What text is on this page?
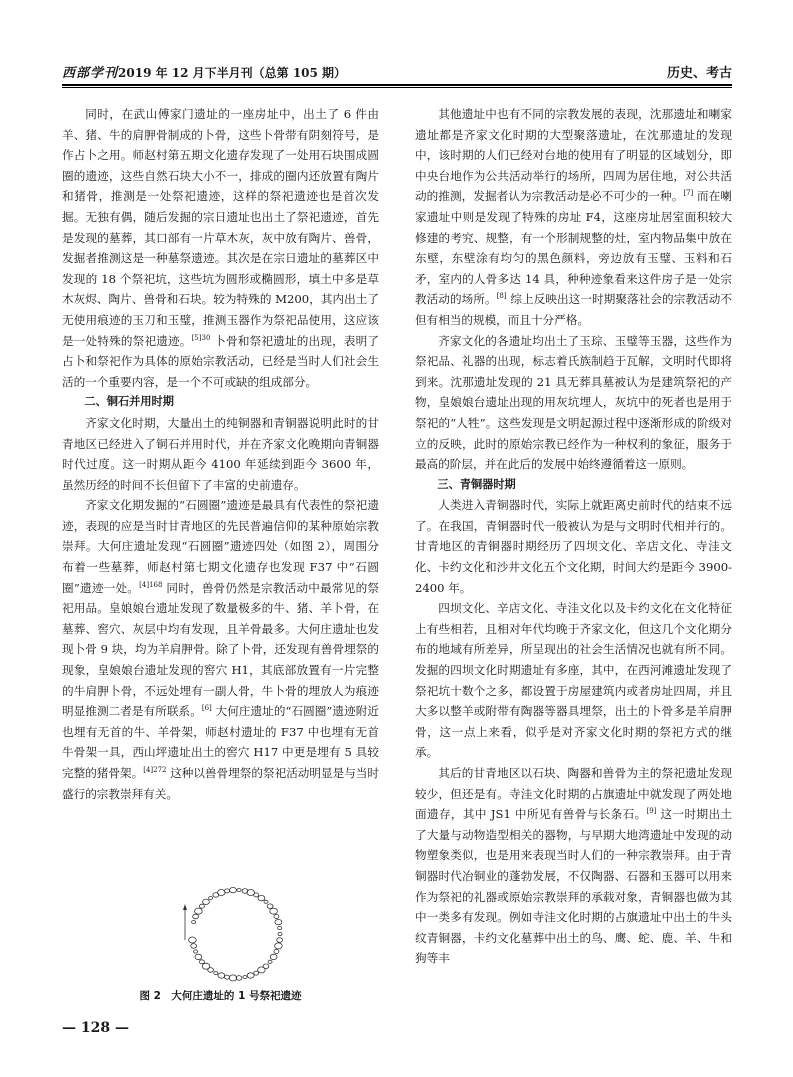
西部学刊2019 年 12 月下半月刊（总第 105 期）	历史、考古

同时，在武山傅家门遗址的一座房址中，出土了 6 件由羊、猪、牛的肩胛骨制成的卜骨，这些卜骨带有阴刻符号，是作占卜之用。师赵村第五期文化遗存发现了一处用石块围成圆圈的遗迹，这些自然石块大小不一，排成的圈内还放置有陶片和猪骨，推测是一处祭祀遗迹，这样的祭祀遗迹也是首次发掘。无独有偶，随后发掘的宗日遗址也出土了祭祀遗迹，首先是发现的墓葬，其口部有一片草木灰，灰中放有陶片、兽骨，发掘者推测这是一种墓祭遗迹。其次是在宗日遗址的墓葬区中发现的 18 个祭祀坑，这些坑为圆形或椭圆形，填土中多是草木灰烬、陶片、兽骨和石块。较为特殊的 M200，其内出土了无使用痕迹的玉刀和玉璧，推测玉器作为祭祀品使用，这应该是一处特殊的祭祀遗迹。$^{[5]30}$ 卜骨和祭祀遗址的出现，表明了占卜和祭祀作为具体的原始宗教活动，已经是当时人们社会生活的一个重要内容，是一个不可或缺的组成部分。

二、铜石并用时期

齐家文化时期，大量出土的纯铜器和青铜器说明此时的甘青地区已经进入了铜石并用时代，并在齐家文化晚期向青铜器时代过度。这一时期从距今 4100 年延续到距今 3600 年，虽然历经的时间不长但留下了丰富的史前遗存。

齐家文化期发掘的“石圆圈”遗迹是最具有代表性的祭祀遗迹，表现的应是当时甘青地区的先民普遍信仰的某种原始宗教崇拜。大何庄遗址发现“石圆圈”遗迹四处（如图 2），周围分布着一些墓葬，师赵村第七期文化遗存也发现 F37 中“石圆圈”遗迹一处。$^{[4]168}$ 同时，兽骨仍然是宗教活动中最常见的祭祀用品。皇娘娘台遗址发现了数量极多的牛、猪、羊卜骨，在墓葬、窖穴、灰层中均有发现，且羊骨最多。大何庄遗址也发现卜骨 9 块，均为羊肩胛骨。除了卜骨，还发现有兽骨埋祭的现象，皇娘娘台遗址发现的窖穴 H1，其底部放置有一片完整的牛肩胛卜骨，不远处埋有一副人骨，牛卜骨的埋放人为痕迹明显推测二者是有所联系。[6] 大何庄遗址的“石圆圈”遗迹附近也埋有无首的牛、羊骨架，师赵村遗址的 F37 中也埋有无首牛骨架一具，西山坪遗址出土的窖穴 H17 中更是埋有 5 具较完整的猪骨架。$^{[4]272}$ 这种以兽骨埋祭的祭祀活动明显是与当时盛行的宗教崇拜有关。

图 2　大何庄遗址的 1 号祭祀遗迹

其他遗址中也有不同的宗教发展的表现，沈那遗址和喇家遗址都是齐家文化时期的大型聚落遗址，在沈那遗址的发现中，该时期的人们已经对台地的使用有了明显的区域划分，即中央台地作为公共活动举行的场所，四周为居住地，对公共活动的推测，发掘者认为宗教活动是必不可少的一种。[7] 而在喇家遗址中则是发现了特殊的房址 F4，这座房址居室面积较大修建的考究、规整，有一个形制规整的灶，室内物品集中放在东壁，东壁涂有均匀的黑色颜料，旁边放有玉璧、玉料和石矛，室内的人骨多达 14 具，种种迹象看来这件房子是一处宗教活动的场所。[8] 综上反映出这一时期聚落社会的宗教活动不但有相当的规模，而且十分严格。

齐家文化的各遗址均出土了玉琮、玉璧等玉器，这些作为祭祀品、礼器的出现，标志着氏族制趋于瓦解，文明时代即将到来。沈那遗址发现的 21 具无葬具墓被认为是建筑祭祀的产物，皇娘娘台遗址出现的用灰坑埋人，灰坑中的死者也是用于祭祀的“人牲”。这些发现是文明起源过程中逐渐形成的阶级对立的反映，此时的原始宗教已经作为一种权利的象征，服务于最高的阶层，并在此后的发展中始终遵循着这一原则。

三、青铜器时期

人类进入青铜器时代，实际上就距离史前时代的结束不远了。在我国，青铜器时代一般被认为是与文明时代相并行的。甘青地区的青铜器时期经历了四坝文化、辛店文化、寺洼文化、卡约文化和沙井文化五个文化期，时间大约是距今 3900-2400 年。

四坝文化、辛店文化、寺洼文化以及卡约文化在文化特征上有些相若，且相对年代均晚于齐家文化，但这几个文化期分布的地域有所差异，所呈现出的社会生活情况也就有所不同。发掘的四坝文化时期遗址有多座，其中，在西河滩遗址发现了祭祀坑十数个之多，都设置于房屋建筑内或者房址四周，并且大多以整羊或附带有陶器等器具埋祭，出土的卜骨多是羊肩胛骨，这一点上来看，似乎是对齐家文化时期的祭祀方式的继承。

其后的甘青地区以石块、陶器和兽骨为主的祭祀遗址发现较少，但还是有。寺洼文化时期的占旗遗址中就发现了两处地面遗存，其中 JS1 中所见有兽骨与长条石。[9] 这一时期出土了大量与动物造型相关的器物，与早期大地湾遗址中发现的动物塑象类似，也是用来表现当时人们的一种宗教崇拜。由于青铜器时代冶铜业的蓬勃发展，不仅陶器、石器和玉器可以用来作为祭祀的礼器或原始宗教崇拜的承载对象，青铜器也做为其中一类多有发现。例如寺洼文化时期的占旗遗址中出土的牛头纹青铜器，卡约文化墓葬中出土的鸟、鹰、蛇、鹿、羊、牛和狗等丰

— 128 —
